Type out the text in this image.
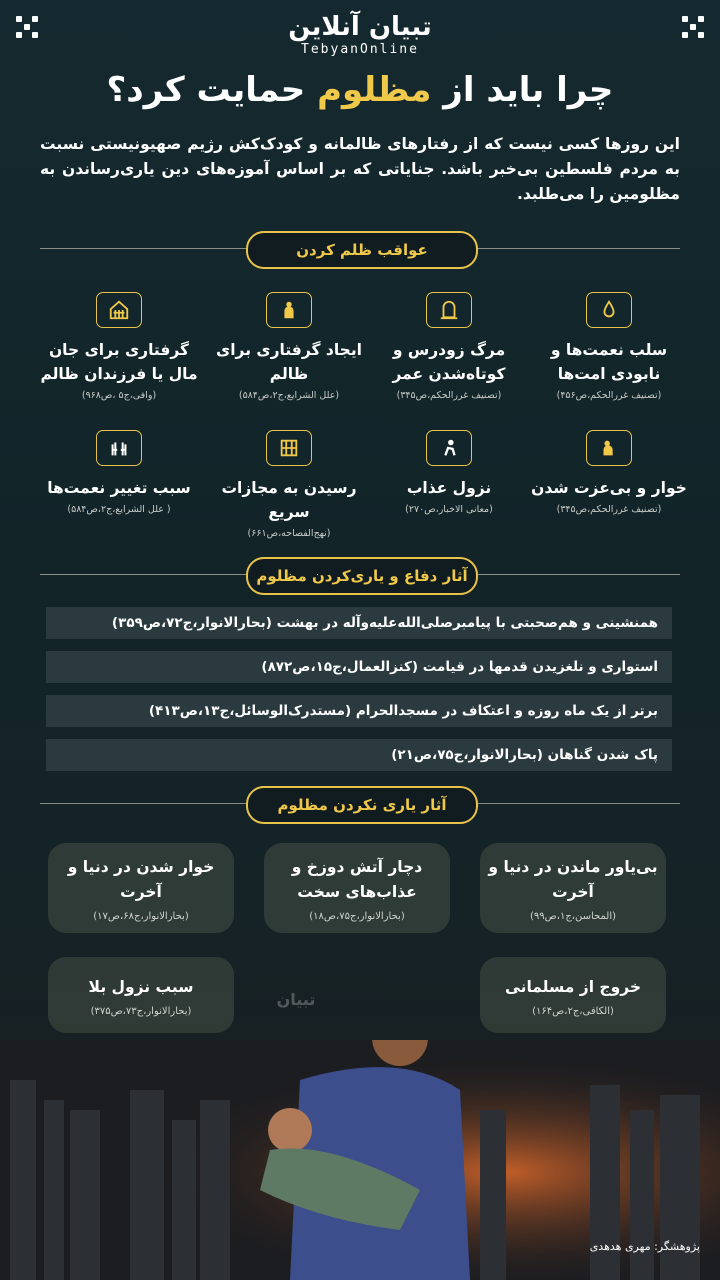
تبیان آنلاین
TebyanOnline
چرا باید از مظلوم حمایت کرد؟
این روزها کسی نیست که از رفتارهای ظالمانه و کودک‌کش رژیم صهیونیستی نسبت به مردم فلسطین بی‌خبر باشد. جنایاتی که بر اساس آموزه‌های دین یاری‌رساندن به مظلومین را می‌طلبد.
عواقب ظلم کردن
سلب نعمت‌ها و نابودی امت‌ها
(تصنیف غررالحکم،ص۴۵۶)
مرگ زودرس و کوتاه‌شدن عمر
(تصنیف غررالحکم،ص۳۴۵)
ایجاد گرفتاری برای ظالم
(علل الشرایع،ج۲،ص۵۸۴)
گرفتاری برای جان مال یا فرزندان ظالم
(وافی،ج۵ ،ص۹۶۸)
خوار و بی‌عزت شدن
(تصنیف غررالحکم،ص۳۴۵)
نزول عذاب
(معانی الاخبار،ص۲۷۰)
رسیدن به مجازات سریع
(نهج‌الفصاحه،ص۶۶۱)
سبب تغییر نعمت‌ها
( علل الشرایع،ج۲،ص۵۸۴)
آثار دفاع و یاری‌کردن مظلوم
همنشینی و هم‌صحبتی با پیامبر‌صلی‌الله‌علیه‌وآله در بهشت (بحارالانوار،ج۷۲،ص۳۵۹)
استواری و نلغزیدن قدمها در قیامت (کنزالعمال،ج۱۵،ص۸۷۲)
برتر از یک ماه روزه و اعتکاف در مسجدالحرام (مستدرک‌الوسائل،ج۱۳،ص۴۱۳)
پاک شدن گناهان (بحارالانوار،ج۷۵،ص۲۱)
آثار یاری نکردن مظلوم
بی‌یاور ماندن در دنیا و آخرت
(المحاسن،ج۱،ص۹۹)
دچار آتش دوزخ و عذاب‌های سخت
(بحارالانوار،ج۷۵،ص۱۸)
خوار شدن در دنیا و آخرت
(بحارالانوار،ج۶۸،ص۱۷)
خروج از مسلمانی
(الکافی،ج۲،ص۱۶۴)
سبب نزول بلا
(بحارالانوار،ج۷۳،ص۳۷۵)
تبیان
پژوهشگر: مهری هدهدی
